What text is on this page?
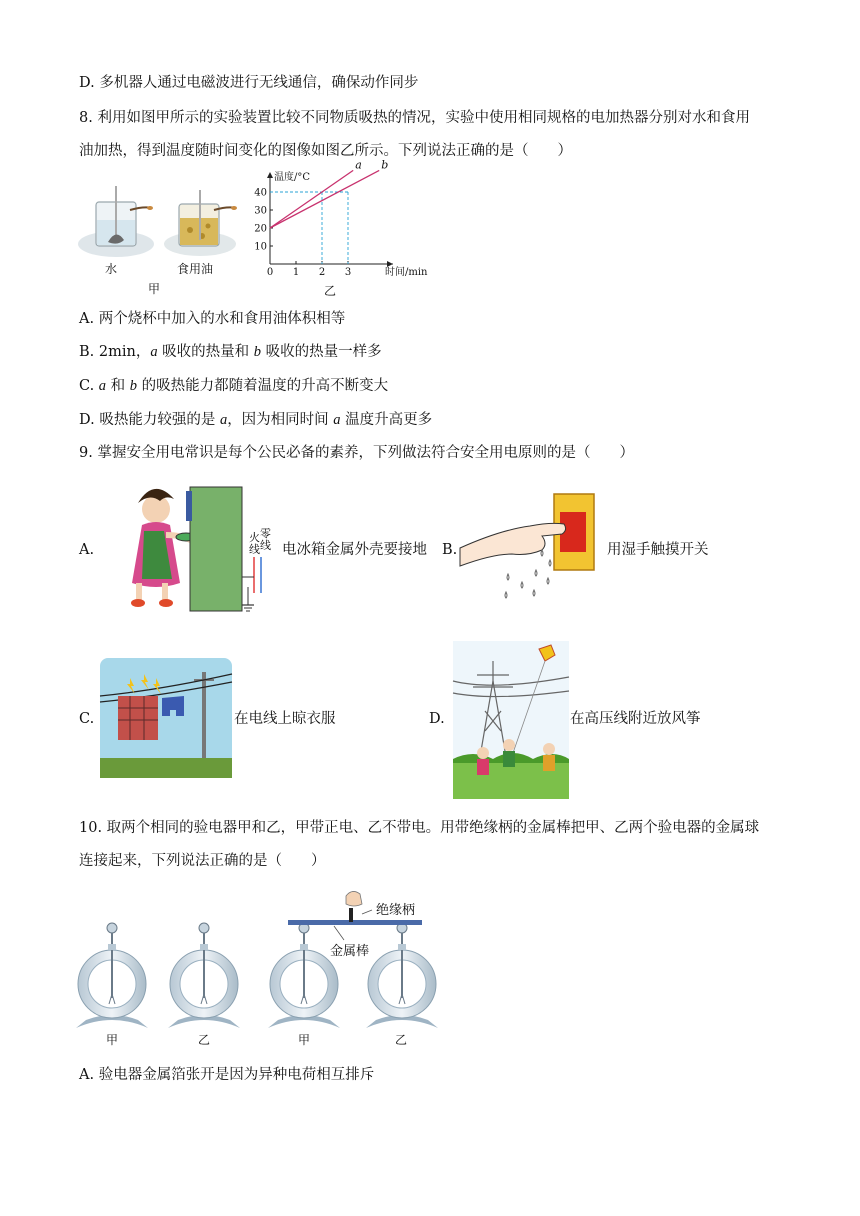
D. 多机器人通过电磁波进行无线通信，确保动作同步
8. 利用如图甲所示的实验装置比较不同物质吸热的情况，实验中使用相同规格的电加热器分别对水和食用
油加热，得到温度随时间变化的图像如图乙所示。下列说法正确的是（　　）
水	食用油
甲
0 1 2 3
10
20
30
40
a b
温度/°C
时间/min
乙
A. 两个烧杯中加入的水和食用油体积相等
B. 2min，a 吸收的热量和 b 吸收的热量一样多
C. a 和 b 的吸热能力都随着温度的升高不断变大
D. 吸热能力较强的是 a，因为相同时间 a 温度升高更多
9. 掌握安全用电常识是每个公民必备的素养，下列做法符合安全用电原则的是（　　）
A.
火 零
线 线 电冰箱金属外壳要接地 B.	用湿手触摸开关
C.	在电线上晾衣服	D.	在高压线附近放风筝
10. 取两个相同的验电器甲和乙，甲带正电、乙不带电。用带绝缘柄的金属棒把甲、乙两个验电器的金属球
连接起来，下列说法正确的是（　　）
绝缘柄
金属棒
甲	乙	甲	乙
A. 验电器金属箔张开是因为异种电荷相互排斥
